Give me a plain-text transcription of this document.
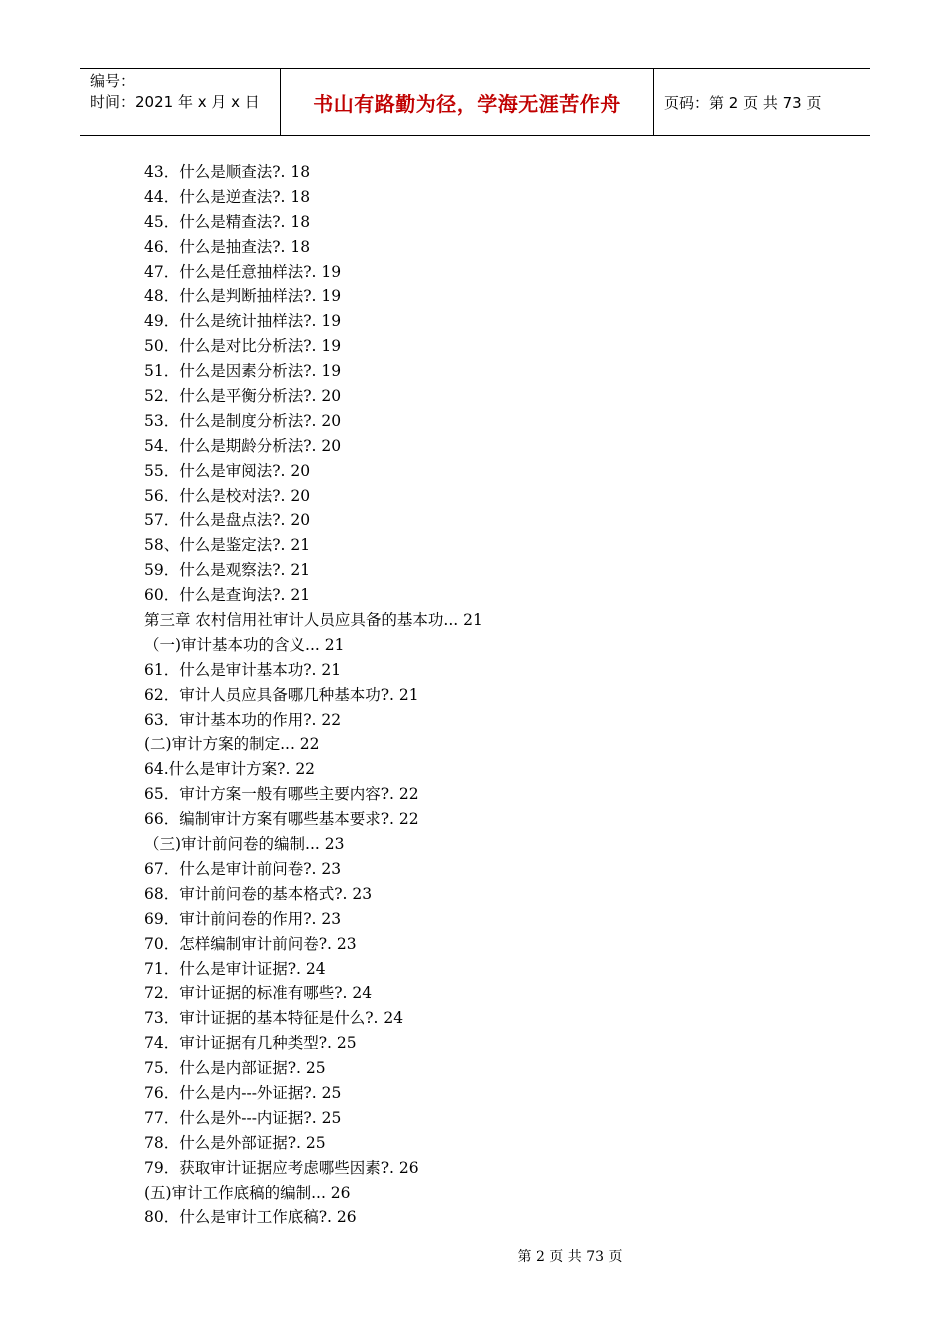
编号：
时间：2021 年 x 月 x 日	书山有路勤为径，学海无涯苦作舟	页码：第 2 页 共 73 页
43．什么是顺查法?. 18
44．什么是逆查法?. 18
45．什么是精查法?. 18
46．什么是抽查法?. 18
47．什么是任意抽样法?. 19
48．什么是判断抽样法?. 19
49．什么是统计抽样法?. 19
50．什么是对比分析法?. 19
51．什么是因素分析法?. 19
52．什么是平衡分析法?. 20
53．什么是制度分析法?. 20
54．什么是期龄分析法?. 20
55．什么是审阅法?. 20
56．什么是校对法?. 20
57．什么是盘点法?. 20
58、什么是鉴定法?. 21
59．什么是观察法?. 21
60．什么是查询法?. 21
第三章 农村信用社审计人员应具备的基本功... 21
（一)审计基本功的含义... 21
61．什么是审计基本功?. 21
62．审计人员应具备哪几种基本功?. 21
63．审计基本功的作用?. 22
(二)审计方案的制定... 22
64.什么是审计方案?. 22
65．审计方案一般有哪些主要内容?. 22
66．编制审计方案有哪些基本要求?. 22
（三)审计前问卷的编制... 23
67．什么是审计前问卷?. 23
68．审计前问卷的基本格式?. 23
69．审计前问卷的作用?. 23
70．怎样编制审计前问卷?. 23
71．什么是审计证据?. 24
72．审计证据的标准有哪些?. 24
73．审计证据的基本特征是什么?. 24
74．审计证据有几种类型?. 25
75．什么是内部证据?. 25
76．什么是内---外证据?. 25
77．什么是外---内证据?. 25
78．什么是外部证据?. 25
79．获取审计证据应考虑哪些因素?. 26
(五)审计工作底稿的编制... 26
80．什么是审计工作底稿?. 26
第 2 页 共 73 页
